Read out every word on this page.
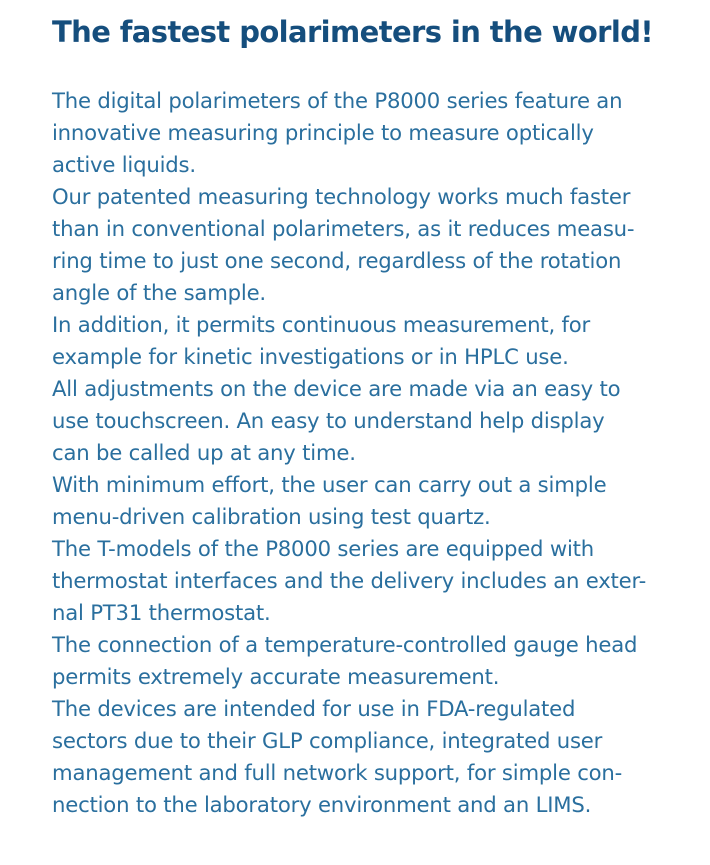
The fastest polarimeters in the world!

The digital polarimeters of the P8000 series feature an
innovative measuring principle to measure optically
active liquids.

Our patented measuring technology works much faster
than in conventional polarimeters, as it reduces measu-
ring time to just one second, regardless of the rotation
angle of the sample.

In addition, it permits continuous measurement, for
example for kinetic investigations or in HPLC use.

All adjustments on the device are made via an easy to
use touchscreen. An easy to understand help display
can be called up at any time.

With minimum effort, the user can carry out a simple
menu-driven calibration using test quartz.

The T-models of the P8000 series are equipped with
thermostat interfaces and the delivery includes an exter-
nal PT31 thermostat.

The connection of a temperature-controlled gauge head
permits extremely accurate measurement.

The devices are intended for use in FDA-regulated
sectors due to their GLP compliance, integrated user
management and full network support, for simple con-
nection to the laboratory environment and an LIMS.
